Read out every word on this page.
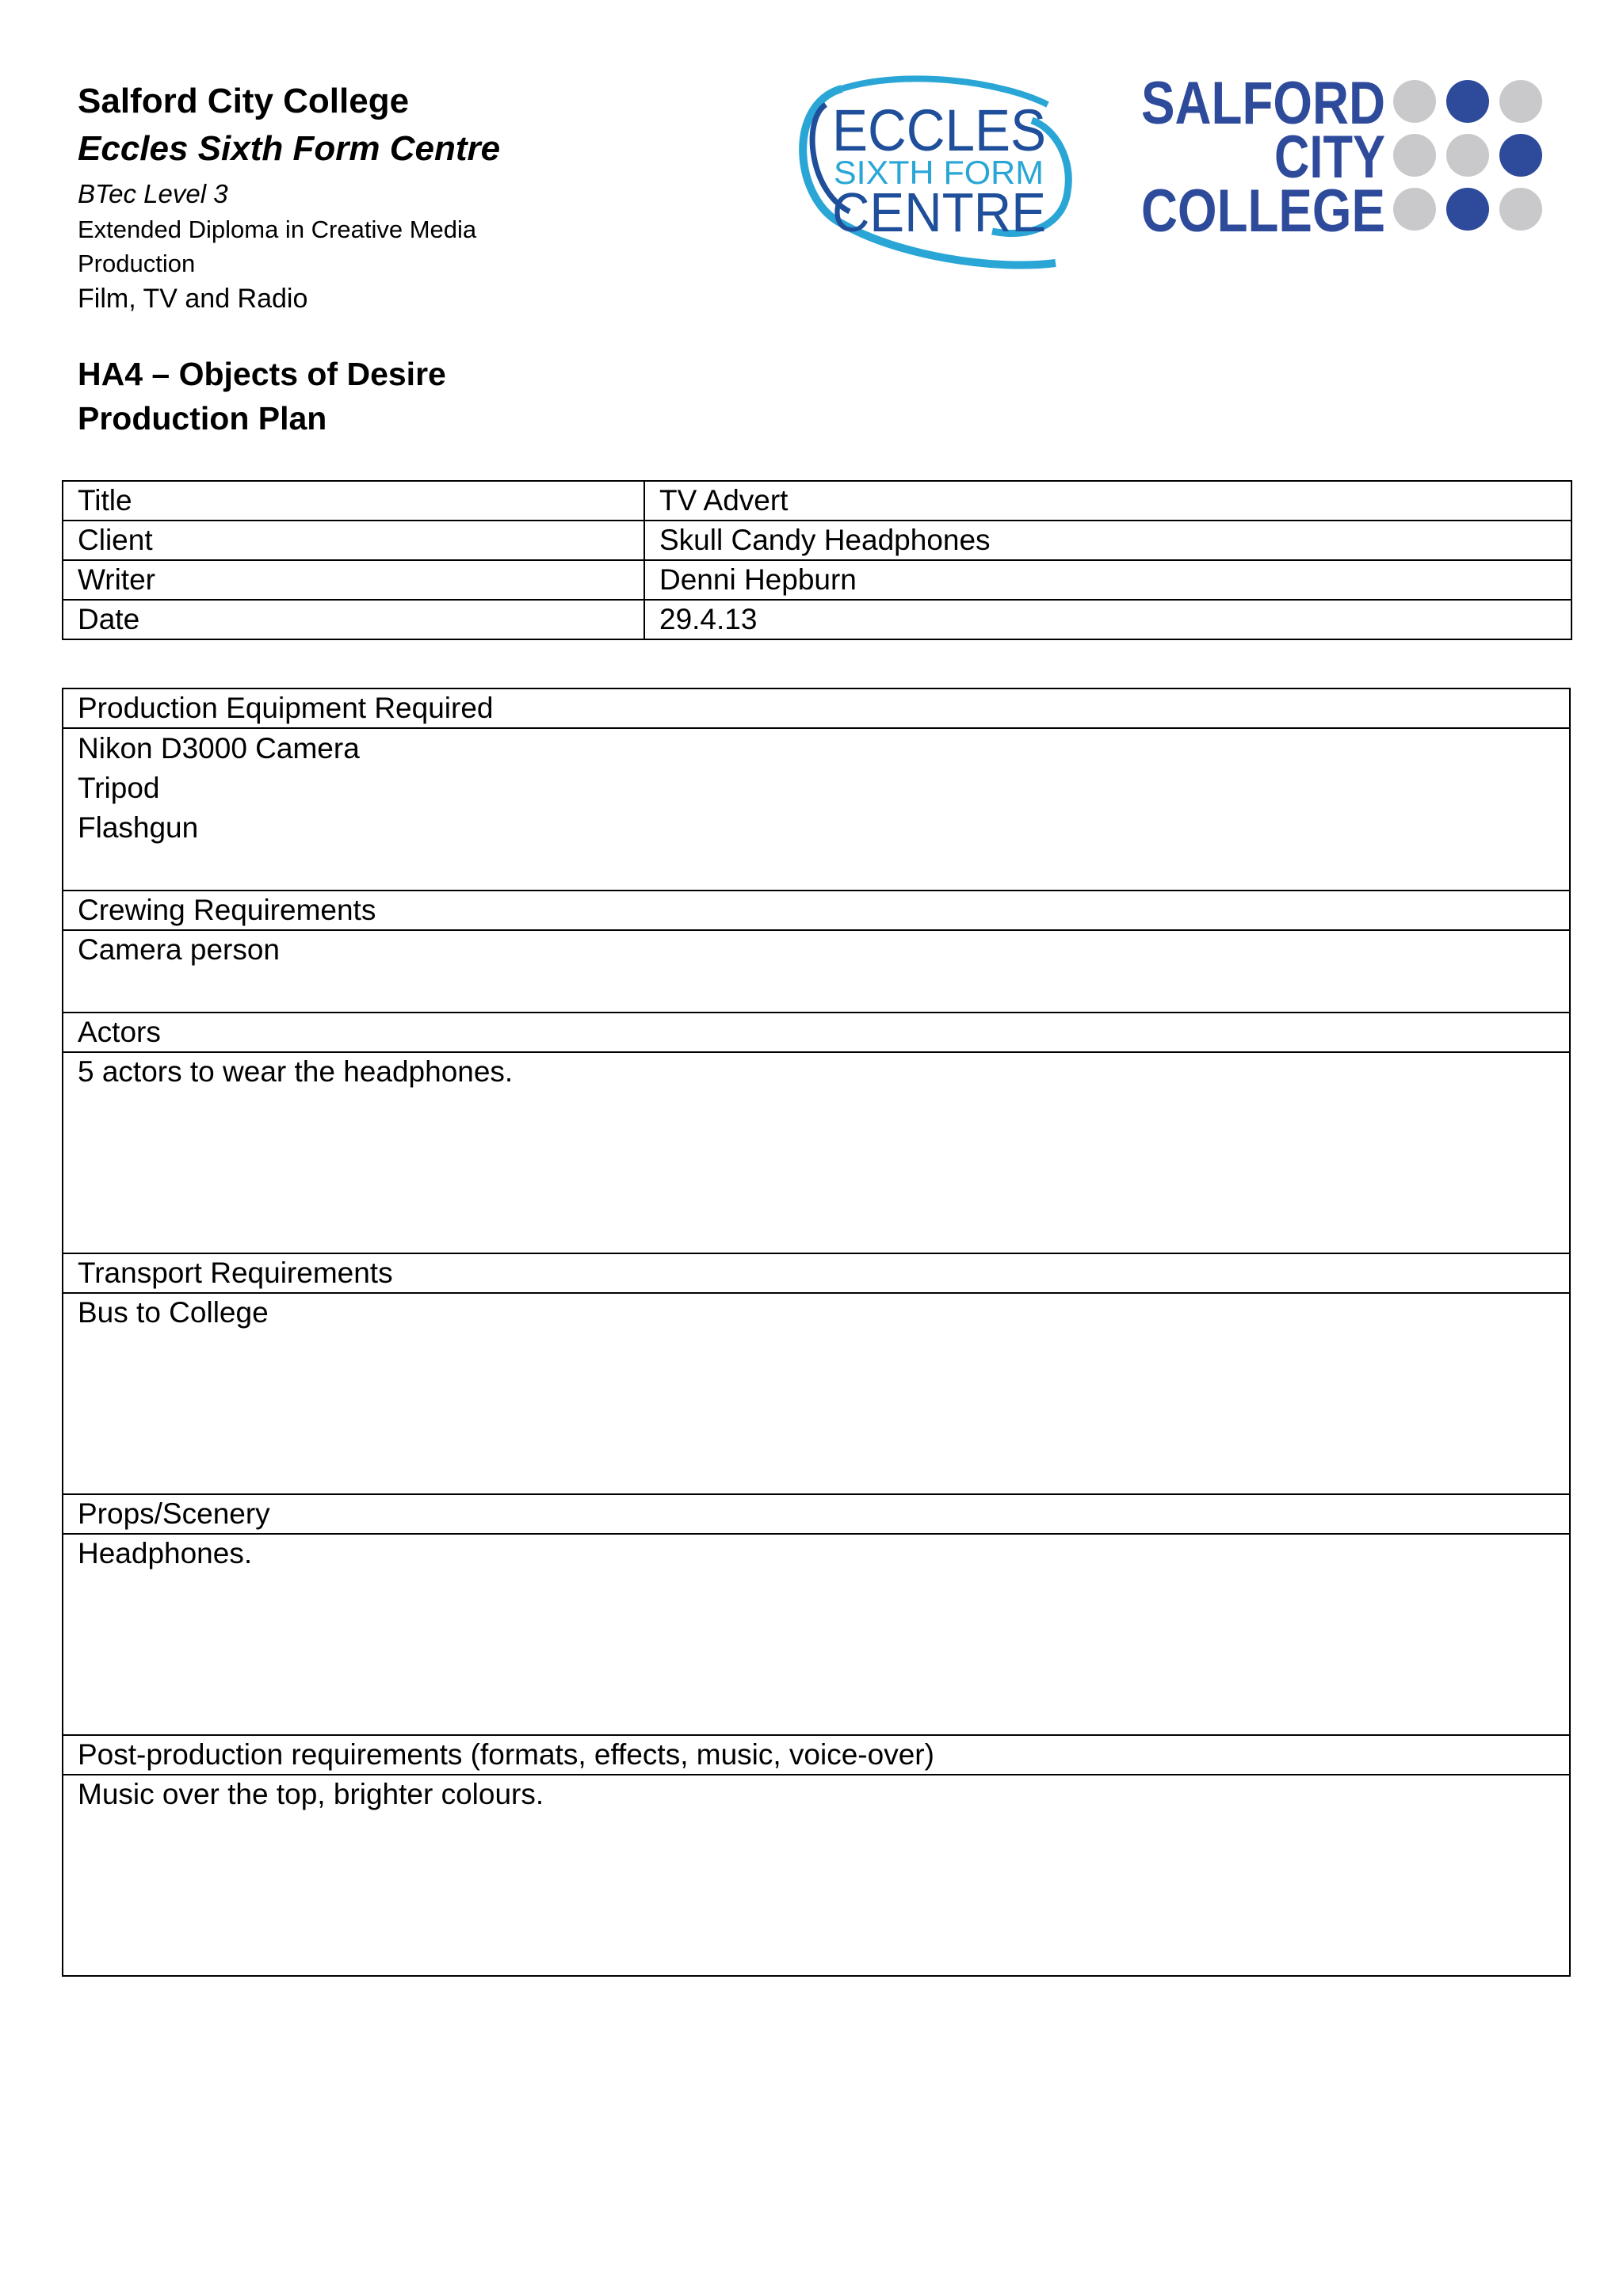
Salford City College
Eccles Sixth Form Centre
BTec Level 3
Extended Diploma in Creative Media Production
Film, TV and Radio
HA4 – Objects of Desire
Production Plan
ECCLES
SIXTH FORM
CENTRE
SALFORD
CITY
COLLEGE
Title	TV Advert
Client	Skull Candy Headphones
Writer	Denni Hepburn
Date	29.4.13
Production Equipment Required

Nikon D3000 Camera
Tripod
Flashgun

Crewing Requirements

Camera person

Actors

5 actors to wear the headphones.

Transport Requirements

Bus to College

Props/Scenery

Headphones.

Post-production requirements (formats, effects, music, voice-over)

Music over the top, brighter colours.
